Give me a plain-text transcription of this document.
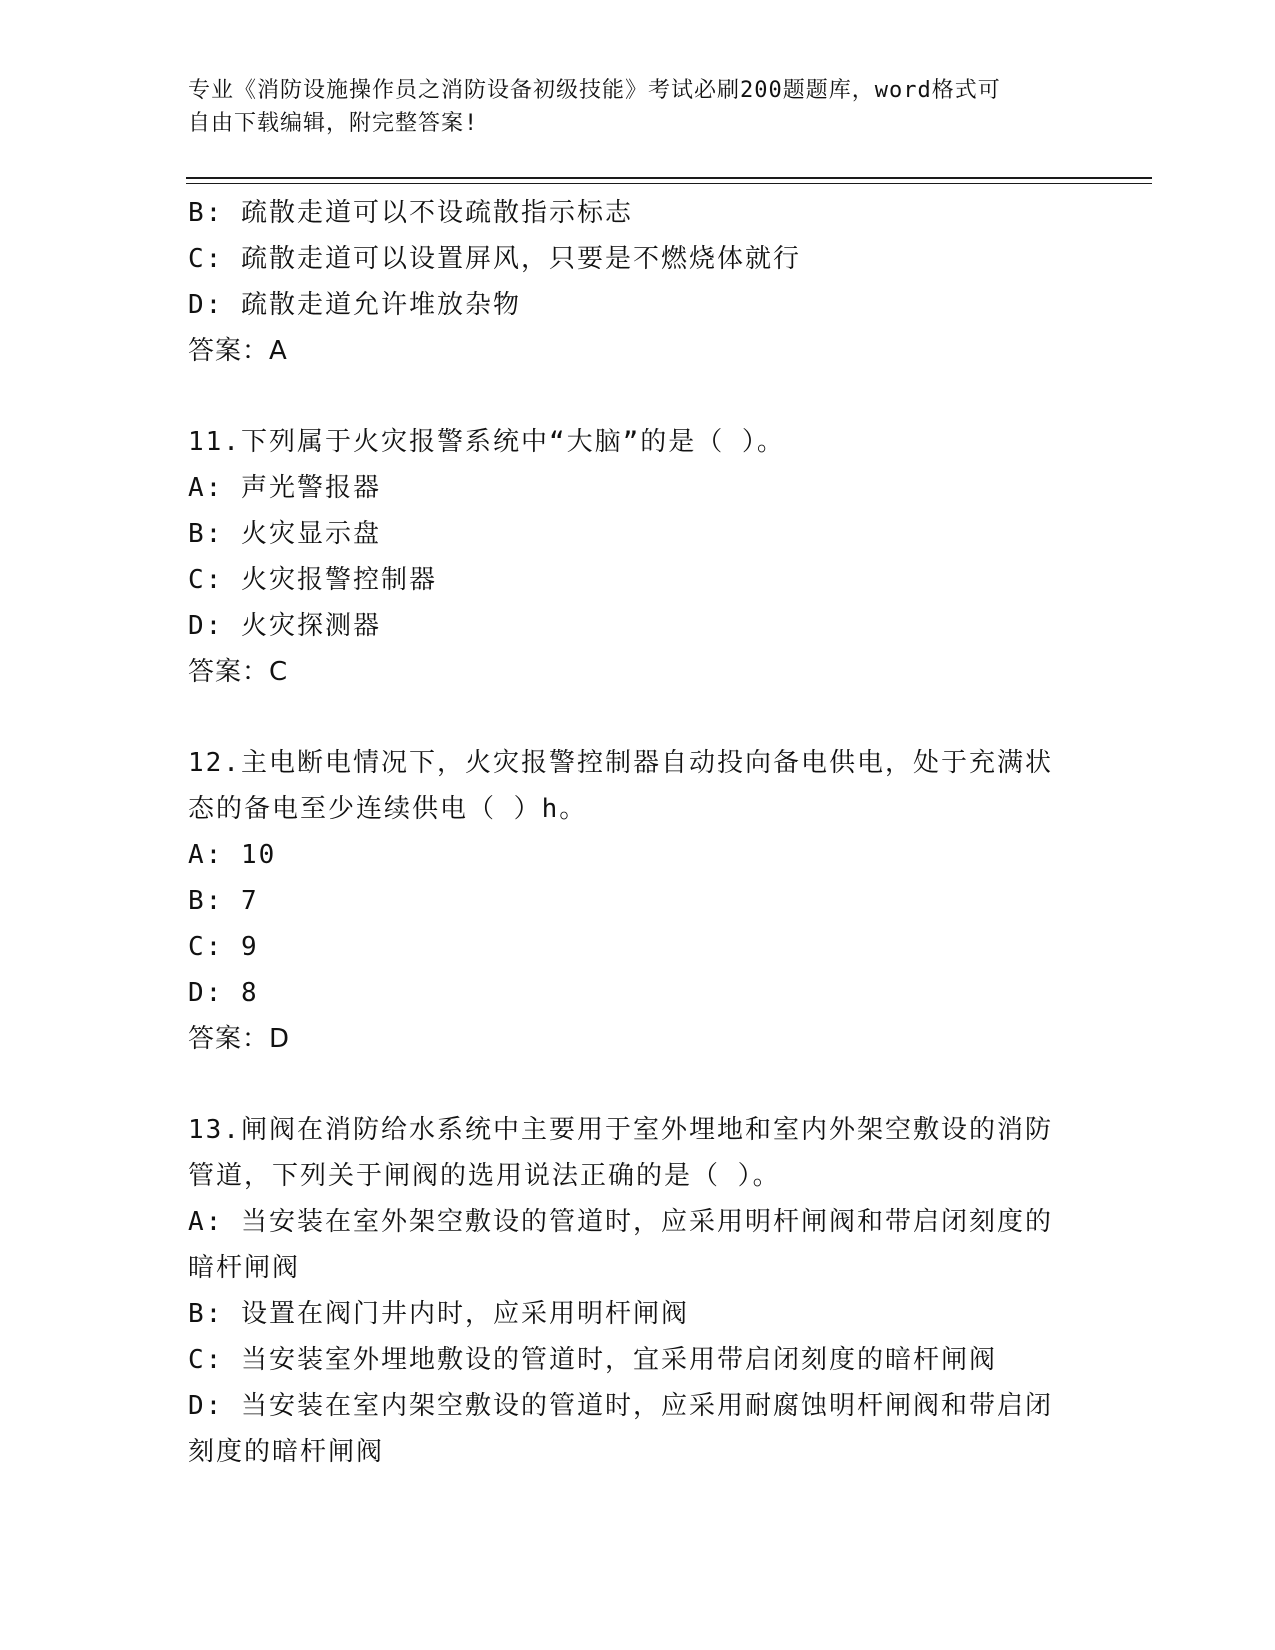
专业《消防设施操作员之消防设备初级技能》考试必刷200题题库，word格式可
自由下载编辑，附完整答案!
B: 疏散走道可以不设疏散指示标志
C: 疏散走道可以设置屏风，只要是不燃烧体就行
D: 疏散走道允许堆放杂物
答案：A
11.下列属于火灾报警系统中“大脑”的是（ ）。
A: 声光警报器
B: 火灾显示盘
C: 火灾报警控制器
D: 火灾探测器
答案：C
12.主电断电情况下，火灾报警控制器自动投向备电供电，处于充满状
态的备电至少连续供电（ ）h。
A: 10
B: 7
C: 9
D: 8
答案：D
13.闸阀在消防给水系统中主要用于室外埋地和室内外架空敷设的消防
管道，下列关于闸阀的选用说法正确的是（ ）。
A: 当安装在室外架空敷设的管道时，应采用明杆闸阀和带启闭刻度的
暗杆闸阀
B: 设置在阀门井内时，应采用明杆闸阀
C: 当安装室外埋地敷设的管道时，宜采用带启闭刻度的暗杆闸阀
D: 当安装在室内架空敷设的管道时，应采用耐腐蚀明杆闸阀和带启闭
刻度的暗杆闸阀
